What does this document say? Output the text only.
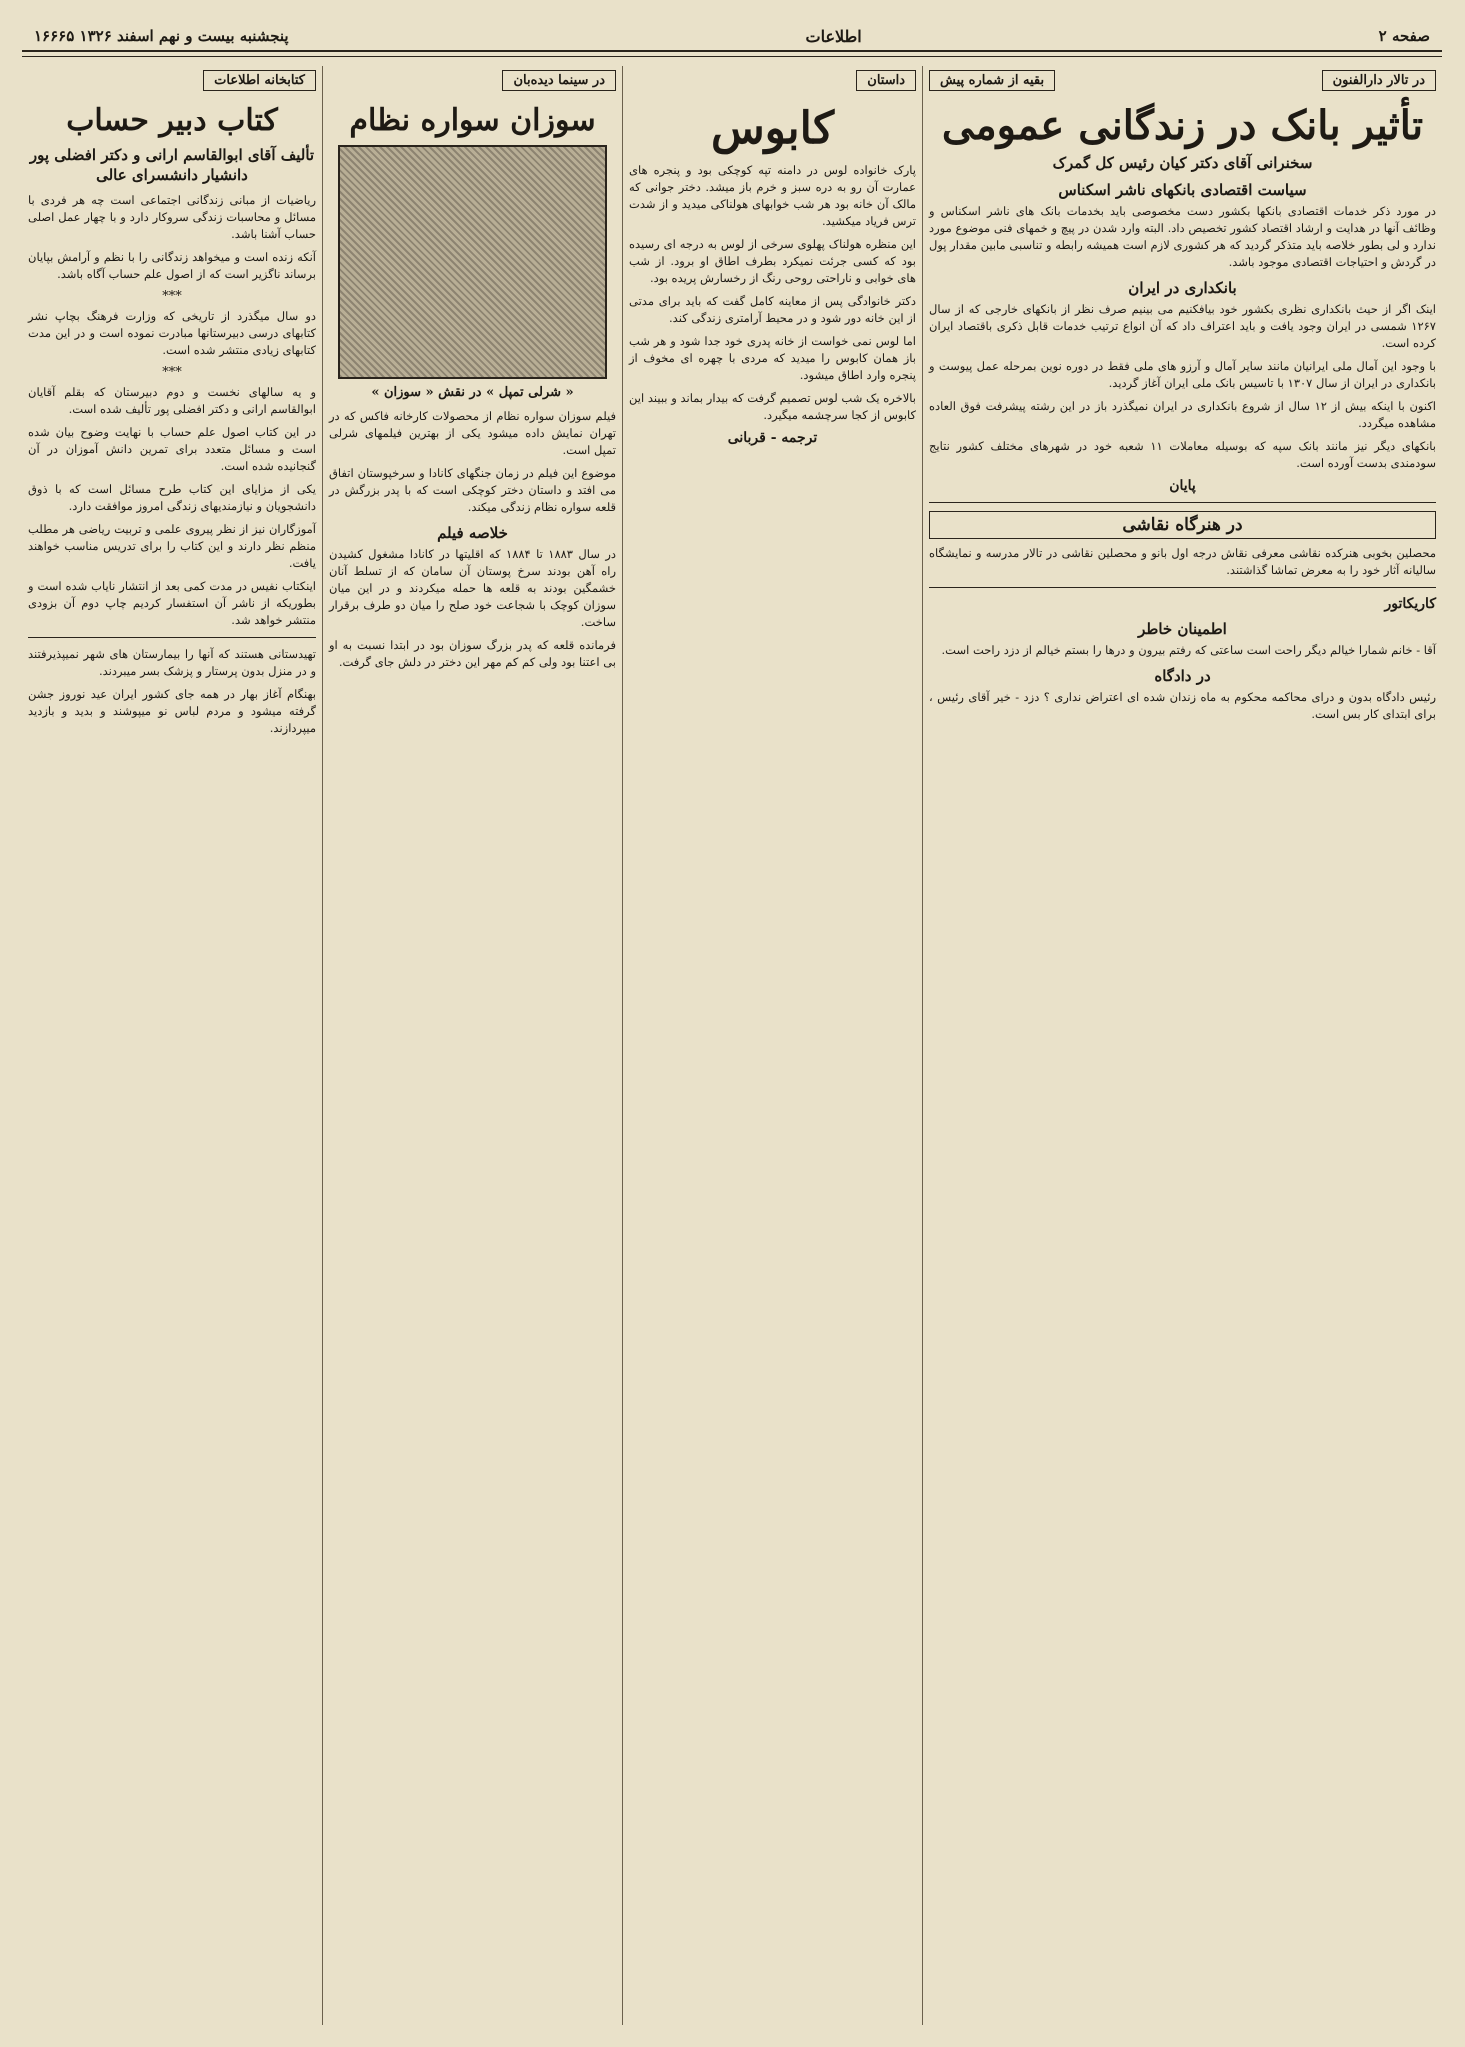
صفحه ۲
اطلاعات
پنجشنبه بیست و نهم اسفند ۱۳۲۶ ۱۶۶۶۵
در تالار دارالفنون
بقیه از شماره پیش
تأثیر بانک در زندگانی عمومی
سخنرانی آقای دکتر کیان رئیس کل گمرک
سیاست اقتصادی بانکهای ناشر اسکناس

در مورد ذکر خدمات اقتصادی بانکها بکشور دست مخصوصی باید بخدمات بانک های ناشر اسکناس و وظائف آنها در هدایت و ارشاد اقتصاد کشور تخصیص داد. البته وارد شدن در پیچ و خمهای فنی موضوع مورد ندارد و لی بطور خلاصه باید متذکر گردید که هر کشوری لازم است همیشه رابطه و تناسبی مابین مقدار پول در گردش و احتیاجات اقتصادی موجود باشد.

بانکداری در ایران

اینک اگر از حیث بانکداری نظری بکشور خود بیافکنیم می بینیم صرف نظر از بانکهای خارجی که از سال ۱۲۶۷ شمسی در ایران وجود یافت و باید اعتراف داد که آن انواع ترتیب خدمات قابل ذکری باقتصاد ایران کرده است.

با وجود این آمال ملی ایرانیان مانند سایر آمال و آرزو های ملی فقط در دوره نوین بمرحله عمل پیوست و بانکداری در ایران از سال ۱۳۰۷ با تاسیس بانک ملی ایران آغاز گردید.

اکنون با اینکه بیش از ۱۲ سال از شروع بانکداری در ایران نمیگذرد باز در این رشته پیشرفت فوق العاده مشاهده میگردد.

بانکهای دیگر نیز مانند بانک سپه که بوسیله معاملات ۱۱ شعبه خود در شهرهای مختلف کشور نتایج سودمندی بدست آورده است.

پایان
در هنرگاه نقاشی

محصلین بخوبی هنرکده نقاشی معرفی نقاش درجه اول بانو و محصلین نقاشی در تالار مدرسه و نمایشگاه سالیانه آثار خود را به معرض تماشا گذاشتند.

کاریکاتور
اطمینان خاطر

آقا - خانم شمارا خیالم دیگر راحت است ساعتی که رفتم بیرون و درها را بستم خیالم از دزد راحت است.

در دادگاه

رئیس دادگاه بدون و درای محاکمه محکوم به ماه زندان شده ای اعتراض نداری ؟ دزد - خیر آقای رئیس ، برای ابتدای کار بس است.

داستان
کابوس

پارک خانواده لوس در دامنه تپه کوچکی بود و پنجره های عمارت آن رو به دره سبز و خرم باز میشد. دختر جوانی که مالک آن خانه بود هر شب خوابهای هولناکی میدید و از شدت ترس فریاد میکشید.

این منظره هولناک پهلوی سرخی از لوس به درجه ای رسیده بود که کسی جرئت نمیکرد بطرف اطاق او برود. از شب های خوابی و ناراحتی روحی رنگ از رخسارش پریده بود.

دکتر خانوادگی پس از معاینه کامل گفت که باید برای مدتی از این خانه دور شود و در محیط آرامتری زندگی کند.

اما لوس نمی خواست از خانه پدری خود جدا شود و هر شب باز همان کابوس را میدید که مردی با چهره ای مخوف از پنجره وارد اطاق میشود.

بالاخره یک شب لوس تصمیم گرفت که بیدار بماند و ببیند این کابوس از کجا سرچشمه میگیرد.

ترجمه - قربانی
در سینما دیده‌بان
سوزان سواره نظام
« شرلی تمپل » در نقش « سوزان »

فیلم سوزان سواره نظام از محصولات کارخانه فاکس که در تهران نمایش داده میشود یکی از بهترین فیلمهای شرلی تمپل است.

موضوع این فیلم در زمان جنگهای کانادا و سرخپوستان اتفاق می افتد و داستان دختر کوچکی است که با پدر بزرگش در قلعه سواره نظام زندگی میکند.

خلاصه فیلم

در سال ۱۸۸۳ تا ۱۸۸۴ که اقلیتها در کانادا مشغول کشیدن راه آهن بودند سرخ پوستان آن سامان که از تسلط آنان خشمگین بودند به قلعه ها حمله میکردند و در این میان سوزان کوچک با شجاعت خود صلح را میان دو طرف برقرار ساخت.

فرمانده قلعه که پدر بزرگ سوزان بود در ابتدا نسبت به او بی اعتنا بود ولی کم کم مهر این دختر در دلش جای گرفت.

کتابخانه اطلاعات
کتاب دبیر حساب
تألیف آقای ابوالقاسم ارانی و دکتر افضلی پور دانشیار دانشسرای عالی

ریاضیات از مبانی زندگانی اجتماعی است چه هر فردی با مسائل و محاسبات زندگی سروکار دارد و با چهار عمل اصلی حساب آشنا باشد.

آنکه زنده است و میخواهد زندگانی را با نظم و آرامش بپایان برساند ناگزیر است که از اصول علم حساب آگاه باشد.

***

دو سال میگذرد از تاریخی که وزارت فرهنگ بچاپ نشر کتابهای درسی دبیرستانها مبادرت نموده است و در این مدت کتابهای زیادی منتشر شده است.

***

و یه سالهای نخست و دوم دبیرستان که بقلم آقایان ابوالقاسم ارانی و دکتر افضلی پور تألیف شده است.

در این کتاب اصول علم حساب با نهایت وضوح بیان شده است و مسائل متعدد برای تمرین دانش آموزان در آن گنجانیده شده است.

یکی از مزایای این کتاب طرح مسائل است که با ذوق دانشجویان و نیازمندیهای زندگی امروز موافقت دارد.

آموزگاران نیز از نظر پیروی علمی و تربیت ریاضی هر مطلب منظم نظر دارند و این کتاب را برای تدریس مناسب خواهند یافت.

اینکتاب نفیس در مدت کمی بعد از انتشار نایاب شده است و بطوریکه از ناشر آن استفسار کردیم چاپ دوم آن بزودی منتشر خواهد شد.

تهیدستانی هستند که آنها را بیمارستان های شهر نمیپذیرفتند و در منزل بدون پرستار و پزشک بسر میبردند.

بهنگام آغاز بهار در همه جای کشور ایران عید نوروز جشن گرفته میشود و مردم لباس نو میپوشند و بدید و بازدید میپردازند.
